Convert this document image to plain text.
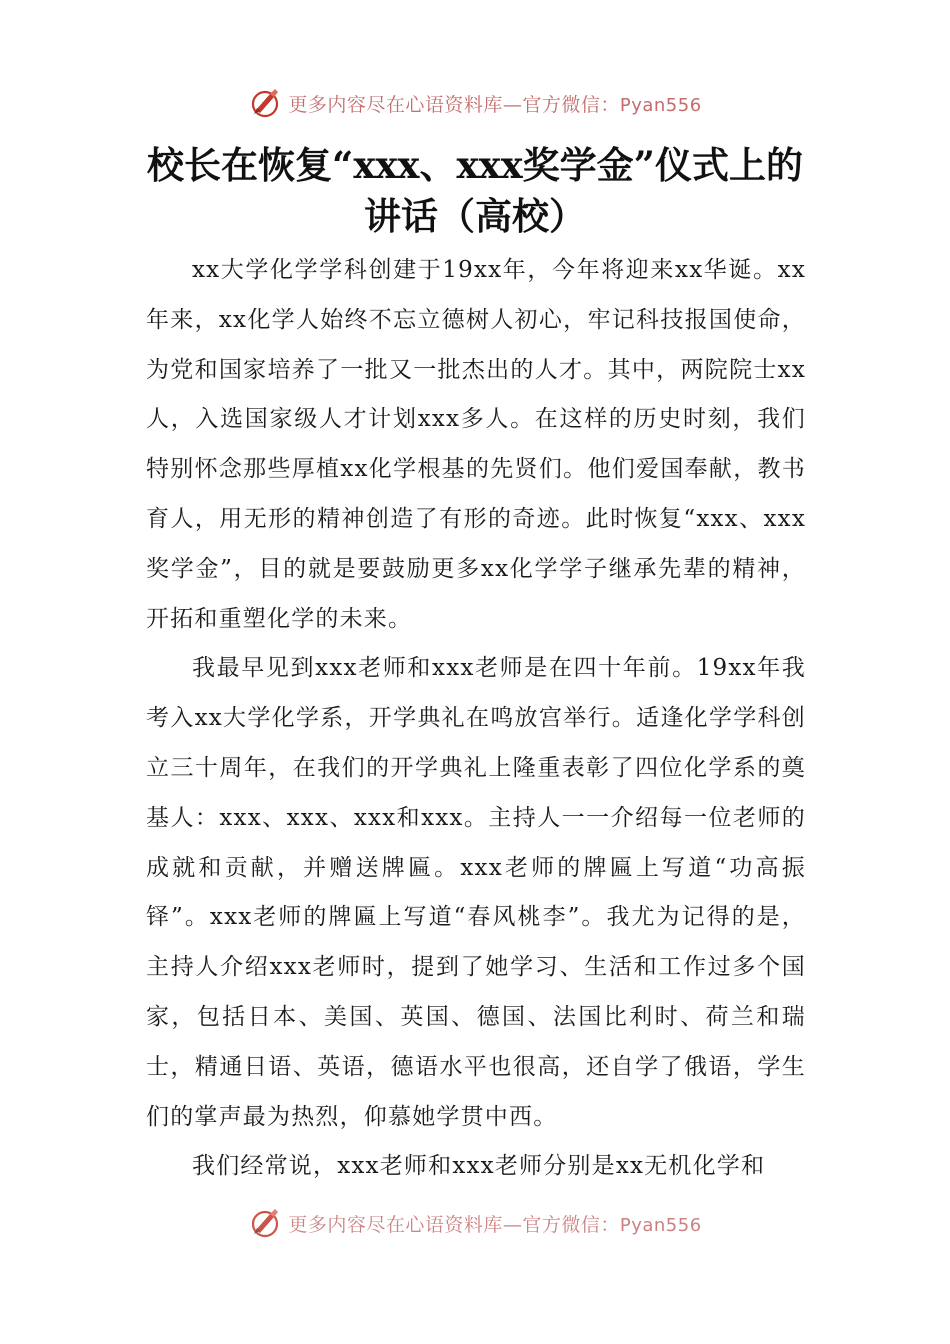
更多内容尽在心语资料库—官方微信：Pyan556
校长在恢复“xxx、xxx奖学金”仪式上的讲话（高校）

xx大学化学学科创建于19xx年，今年将迎来xx华诞。xx年来，xx化学人始终不忘立德树人初心，牢记科技报国使命，为党和国家培养了一批又一批杰出的人才。其中，两院院士xx人，入选国家级人才计划xxx多人。在这样的历史时刻，我们特别怀念那些厚植xx化学根基的先贤们。他们爱国奉献，教书育人，用无形的精神创造了有形的奇迹。此时恢复“xxx、xxx奖学金”，目的就是要鼓励更多xx化学学子继承先辈的精神，开拓和重塑化学的未来。

我最早见到xxx老师和xxx老师是在四十年前。19xx年我考入xx大学化学系，开学典礼在鸣放宫举行。适逢化学学科创立三十周年，在我们的开学典礼上隆重表彰了四位化学系的奠基人：xxx、xxx、xxx和xxx。主持人一一介绍每一位老师的成就和贡献，并赠送牌匾。xxx老师的牌匾上写道“功高振铎”。xxx老师的牌匾上写道“春风桃李”。我尤为记得的是，主持人介绍xxx老师时，提到了她学习、生活和工作过多个国家，包括日本、美国、英国、德国、法国比利时、荷兰和瑞士，精通日语、英语，德语水平也很高，还自学了俄语，学生们的掌声最为热烈，仰慕她学贯中西。

我们经常说，xxx老师和xxx老师分别是xx无机化学和

更多内容尽在心语资料库—官方微信：Pyan556
